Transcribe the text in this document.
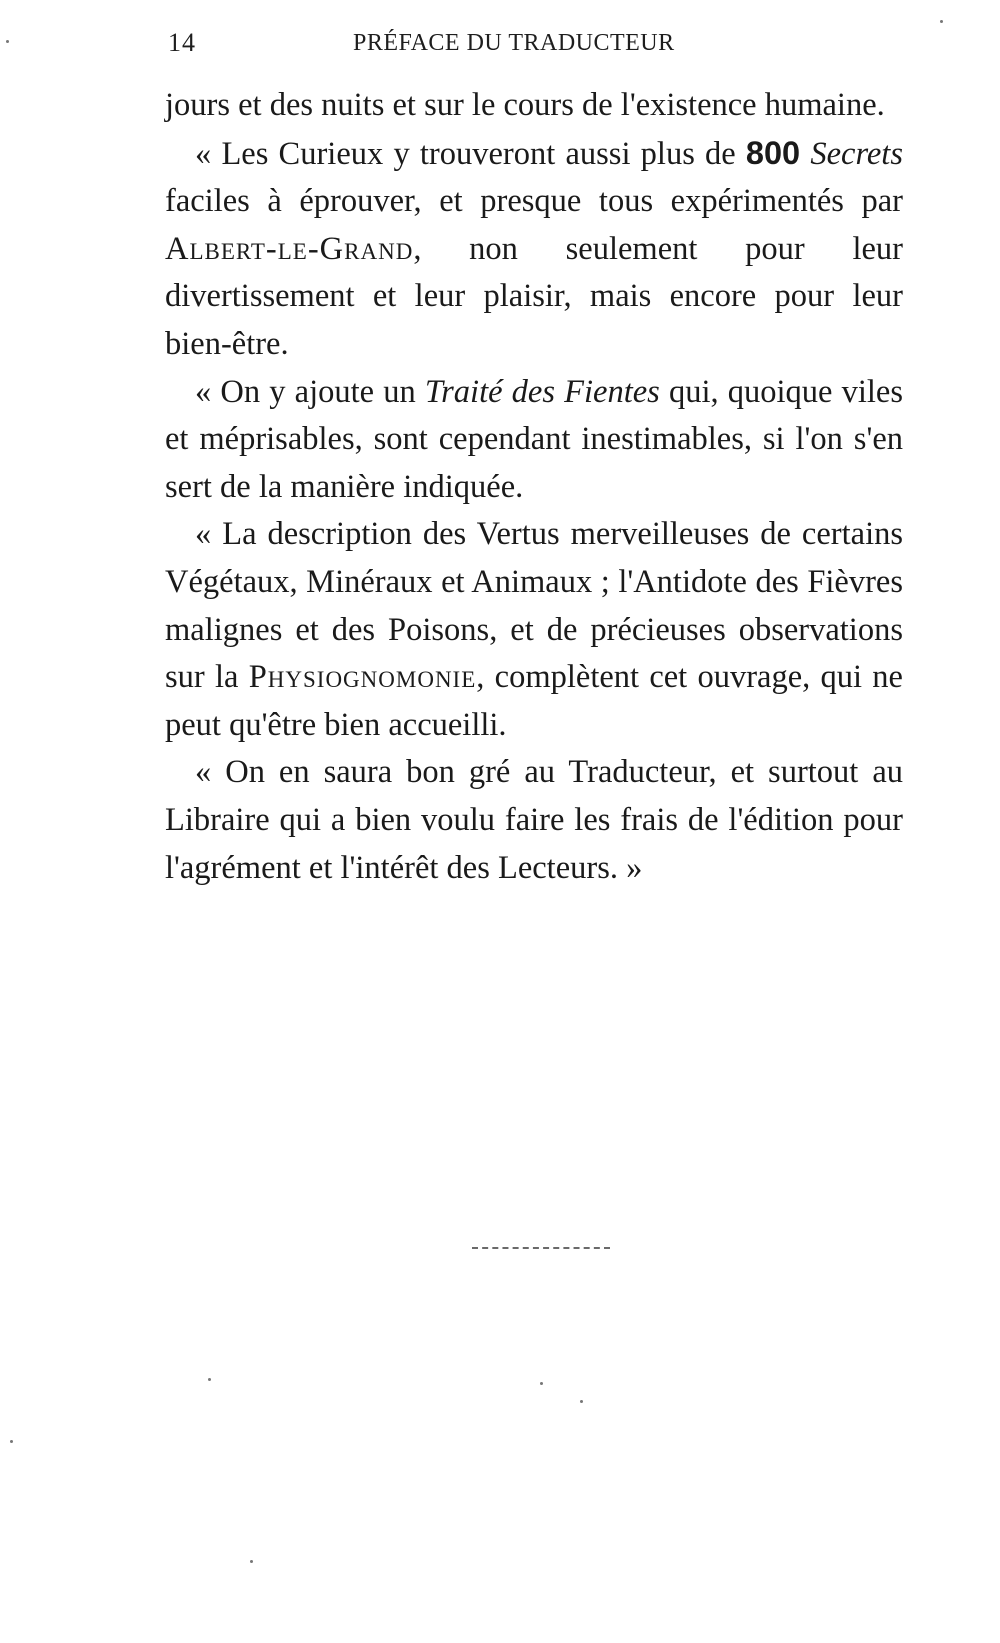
14	PRÉFACE DU TRADUCTEUR

jours et des nuits et sur le cours de l'existence humaine.

« Les Curieux y trouveront aussi plus de 800 Secrets faciles à éprouver, et presque tous expérimentés par Albert-le-Grand, non seulement pour leur divertissement et leur plaisir, mais encore pour leur bien-être.

« On y ajoute un Traité des Fientes qui, quoique viles et méprisables, sont cependant inestimables, si l'on s'en sert de la manière indiquée.

« La description des Vertus merveilleuses de certains Végétaux, Minéraux et Animaux ; l'Antidote des Fièvres malignes et des Poisons, et de précieuses observations sur la Physiognomonie, complètent cet ouvrage, qui ne peut qu'être bien accueilli.

« On en saura bon gré au Traducteur, et surtout au Libraire qui a bien voulu faire les frais de l'édition pour l'agrément et l'intérêt des Lecteurs. »
